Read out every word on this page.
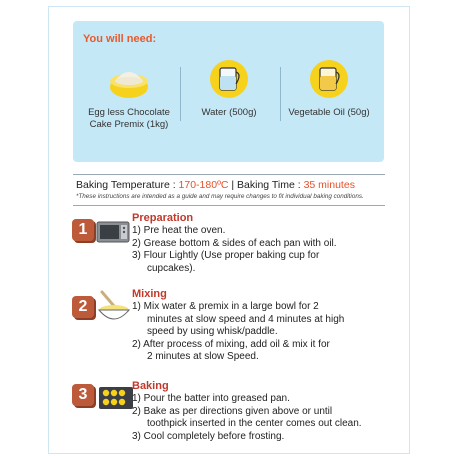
You will need:
Egg less Chocolate
Cake Premix (1kg)
Water (500g)	Vegetable Oil (50g)
Baking Temperature : 170-180ºC | Baking Time : 35 minutes
*These instructions are intended as a guide and may require changes to fit individual baking conditions.
1
Preparation
1) Pre heat the oven.
2) Grease bottom & sides of each pan with oil.
3) Flour Lightly (Use proper baking cup for
cupcakes).
2
Mixing
1) Mix water & premix in a large bowl for 2
minutes at slow speed and 4 minutes at high
speed by using whisk/paddle.
2) After process of mixing, add oil & mix it for
2 minutes at slow Speed.
3	Baking
1) Pour the batter into greased pan.
2) Bake as per directions given above or until
toothpick inserted in the center comes out clean.
3) Cool completely before frosting.
